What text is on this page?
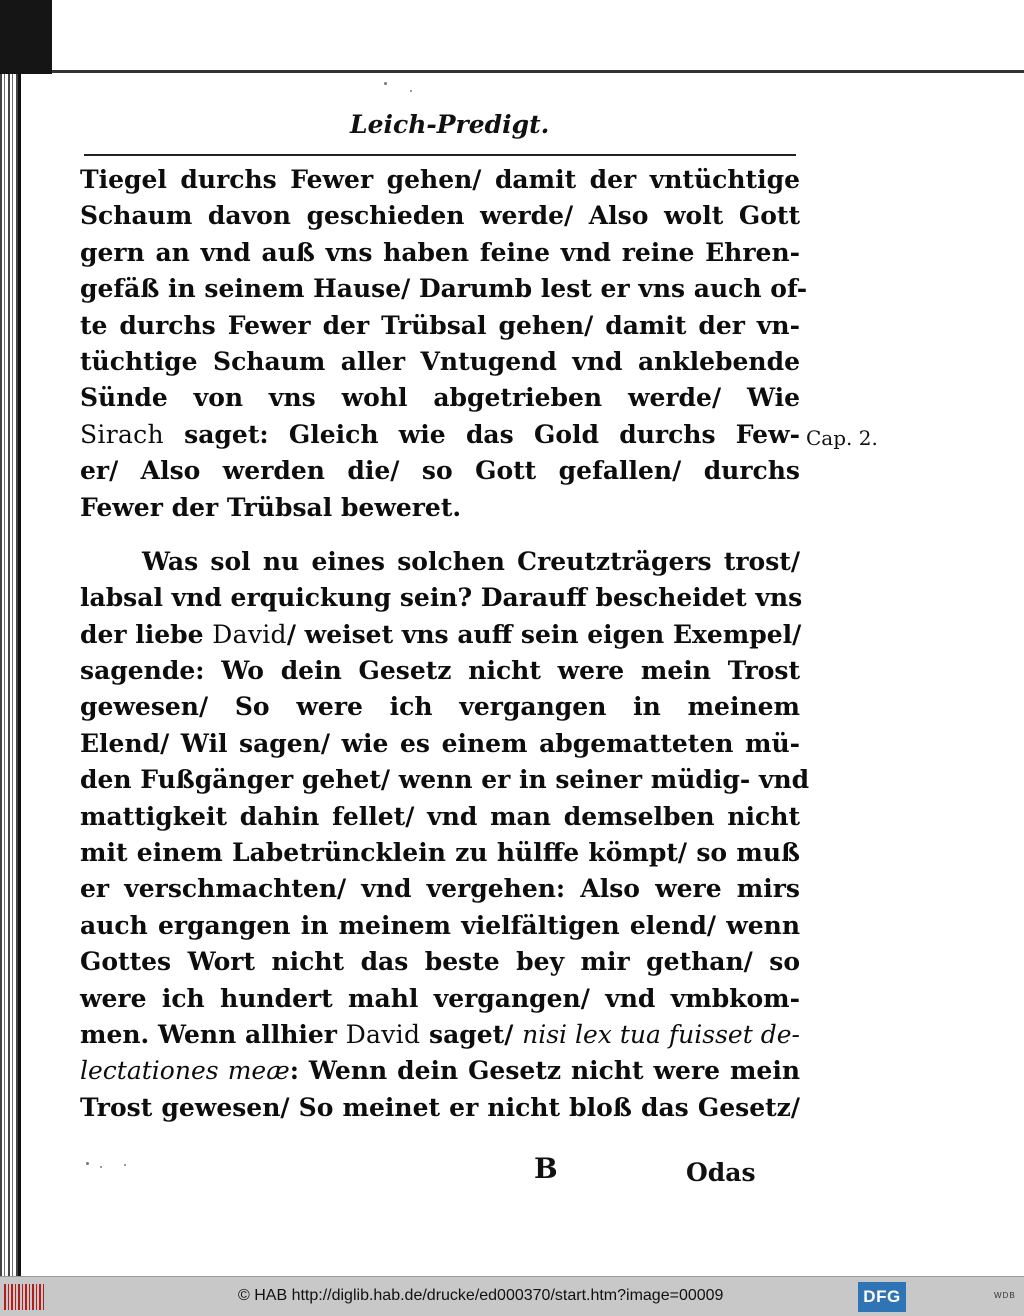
Leich-Predigt.
Tiegel durchs Fewer gehen/ damit der vntüchtige
Schaum davon geschieden werde/ Also wolt Gott
gern an vnd auß vns haben feine vnd reine Ehren-
gefäß in seinem Hause/ Darumb lest er vns auch of-
te durchs Fewer der Trübsal gehen/ damit der vn-
tüchtige Schaum aller Vntugend vnd anklebende
Sünde von vns wohl abgetrieben werde/ Wie
Sirach saget: Gleich wie das Gold durchs Few-
er/ Also werden die/ so Gott gefallen/ durchs
Fewer der Trübsal beweret.
Was sol nu eines solchen Creutzträgers trost/
labsal vnd erquickung sein? Darauff bescheidet vns
der liebe David/ weiset vns auff sein eigen Exempel/
sagende: Wo dein Gesetz nicht were mein Trost
gewesen/ So were ich vergangen in meinem
Elend/ Wil sagen/ wie es einem abgematteten mü-
den Fußgänger gehet/ wenn er in seiner müdig- vnd
mattigkeit dahin fellet/ vnd man demselben nicht
mit einem Labetrüncklein zu hülffe kömpt/ so muß
er verschmachten/ vnd vergehen: Also were mirs
auch ergangen in meinem vielfältigen elend/ wenn
Gottes Wort nicht das beste bey mir gethan/ so
were ich hundert mahl vergangen/ vnd vmbkom-
men. Wenn allhier David saget/ nisi lex tua fuisset de-
lectationes meæ: Wenn dein Gesetz nicht were mein
Trost gewesen/ So meinet er nicht bloß das Gesetz/
Cap. 2.
B	Odas
© HAB http://diglib.hab.de/drucke/ed000370/start.htm?image=00009	DFG	WDB
